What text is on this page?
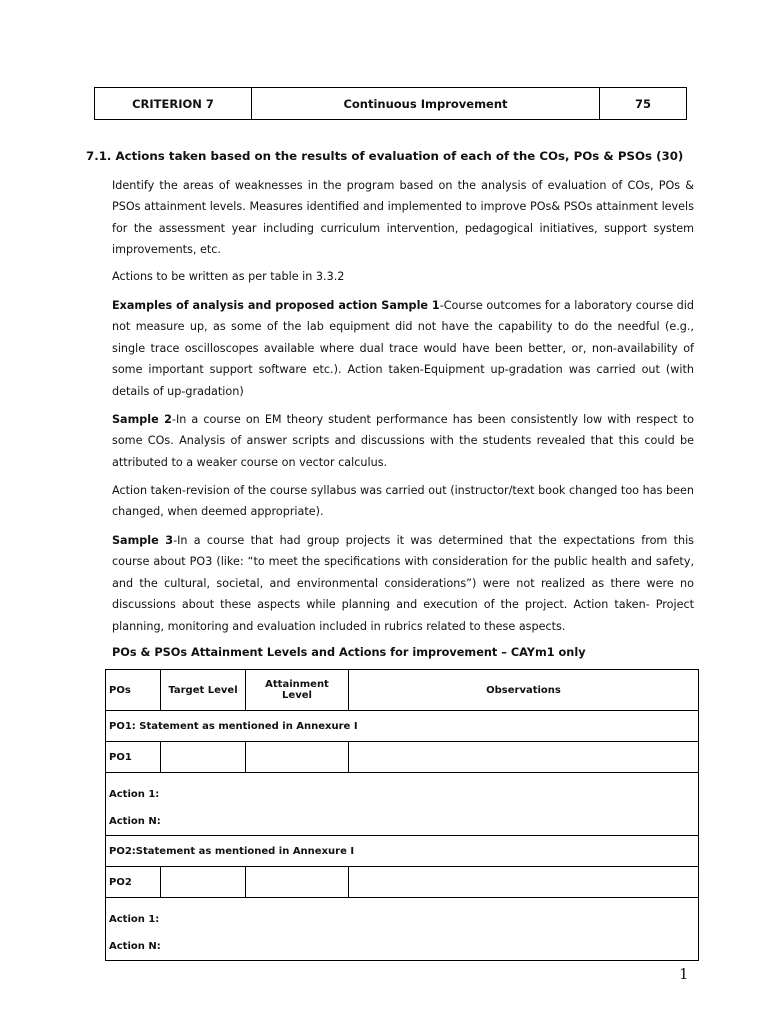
CRITERION 7	Continuous Improvement	75

7.1. Actions taken based on the results of evaluation of each of the COs, POs & PSOs (30)

Identify the areas of weaknesses in the program based on the analysis of evaluation of COs, POs & PSOs attainment levels. Measures identified and implemented to improve POs& PSOs attainment levels for the assessment year including curriculum intervention, pedagogical initiatives, support system improvements, etc.

Actions to be written as per table in 3.3.2

Examples of analysis and proposed action Sample 1-Course outcomes for a laboratory course did not measure up, as some of the lab equipment did not have the capability to do the needful (e.g., single trace oscilloscopes available where dual trace would have been better, or, non-availability of some important support software etc.). Action taken-Equipment up-gradation was carried out (with details of up-gradation)

Sample 2-In a course on EM theory student performance has been consistently low with respect to some COs. Analysis of answer scripts and discussions with the students revealed that this could be attributed to a weaker course on vector calculus.

Action taken-revision of the course syllabus was carried out (instructor/text book changed too has been changed, when deemed appropriate).

Sample 3-In a course that had group projects it was determined that the expectations from this course about PO3 (like: “to meet the specifications with consideration for the public health and safety, and the cultural, societal, and environmental considerations”) were not realized as there were no discussions about these aspects while planning and execution of the project. Action taken- Project planning, monitoring and evaluation included in rubrics related to these aspects.

POs & PSOs Attainment Levels and Actions for improvement – CAYm1 only

POs	Target Level	Attainment Level	Observations
PO1: Statement as mentioned in Annexure I			
PO1			

Action 1:
Action N:			

PO2:Statement as mentioned in Annexure I			
PO2			

Action 1:
Action N:			
1
